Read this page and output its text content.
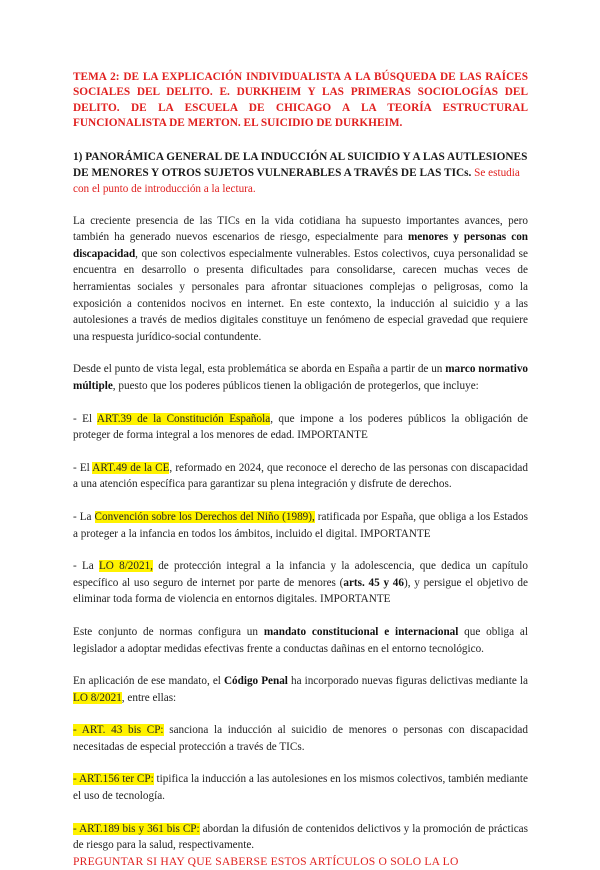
TEMA 2: DE LA EXPLICACIÓN INDIVIDUALISTA A LA BÚSQUEDA DE LAS RAÍCES SOCIALES DEL DELITO. E. DURKHEIM Y LAS PRIMERAS SOCIOLOGÍAS DEL DELITO. DE LA ESCUELA DE CHICAGO A LA TEORÍA ESTRUCTURAL FUNCIONALISTA DE MERTON. EL SUICIDIO DE DURKHEIM.
1) PANORÁMICA GENERAL DE LA INDUCCIÓN AL SUICIDIO Y A LAS AUTLESIONES DE MENORES Y OTROS SUJETOS VULNERABLES A TRAVÉS DE LAS TICs. Se estudia con el punto de introducción a la lectura.

La creciente presencia de las TICs en la vida cotidiana ha supuesto importantes avances, pero también ha generado nuevos escenarios de riesgo, especialmente para menores y personas con discapacidad, que son colectivos especialmente vulnerables. Estos colectivos, cuya personalidad se encuentra en desarrollo o presenta dificultades para consolidarse, carecen muchas veces de herramientas sociales y personales para afrontar situaciones complejas o peligrosas, como la exposición a contenidos nocivos en internet. En este contexto, la inducción al suicidio y a las autolesiones a través de medios digitales constituye un fenómeno de especial gravedad que requiere una respuesta jurídico-social contundente.

Desde el punto de vista legal, esta problemática se aborda en España a partir de un marco normativo múltiple, puesto que los poderes públicos tienen la obligación de protegerlos, que incluye:

- El ART.39 de la Constitución Española, que impone a los poderes públicos la obligación de proteger de forma integral a los menores de edad. IMPORTANTE

- El ART.49 de la CE, reformado en 2024, que reconoce el derecho de las personas con discapacidad a una atención específica para garantizar su plena integración y disfrute de derechos.

- La Convención sobre los Derechos del Niño (1989), ratificada por España, que obliga a los Estados a proteger a la infancia en todos los ámbitos, incluido el digital. IMPORTANTE

- La LO 8/2021, de protección integral a la infancia y la adolescencia, que dedica un capítulo específico al uso seguro de internet por parte de menores (arts. 45 y 46), y persigue el objetivo de eliminar toda forma de violencia en entornos digitales. IMPORTANTE

Este conjunto de normas configura un mandato constitucional e internacional que obliga al legislador a adoptar medidas efectivas frente a conductas dañinas en el entorno tecnológico.

En aplicación de ese mandato, el Código Penal ha incorporado nuevas figuras delictivas mediante la LO 8/2021, entre ellas:

- ART. 43 bis CP: sanciona la inducción al suicidio de menores o personas con discapacidad necesitadas de especial protección a través de TICs.

- ART.156 ter CP: tipifica la inducción a las autolesiones en los mismos colectivos, también mediante el uso de tecnología.

- ART.189 bis y 361 bis CP: abordan la difusión de contenidos delictivos y la promoción de prácticas de riesgo para la salud, respectivamente.

PREGUNTAR SI HAY QUE SABERSE ESTOS ARTÍCULOS O SOLO LA LO
